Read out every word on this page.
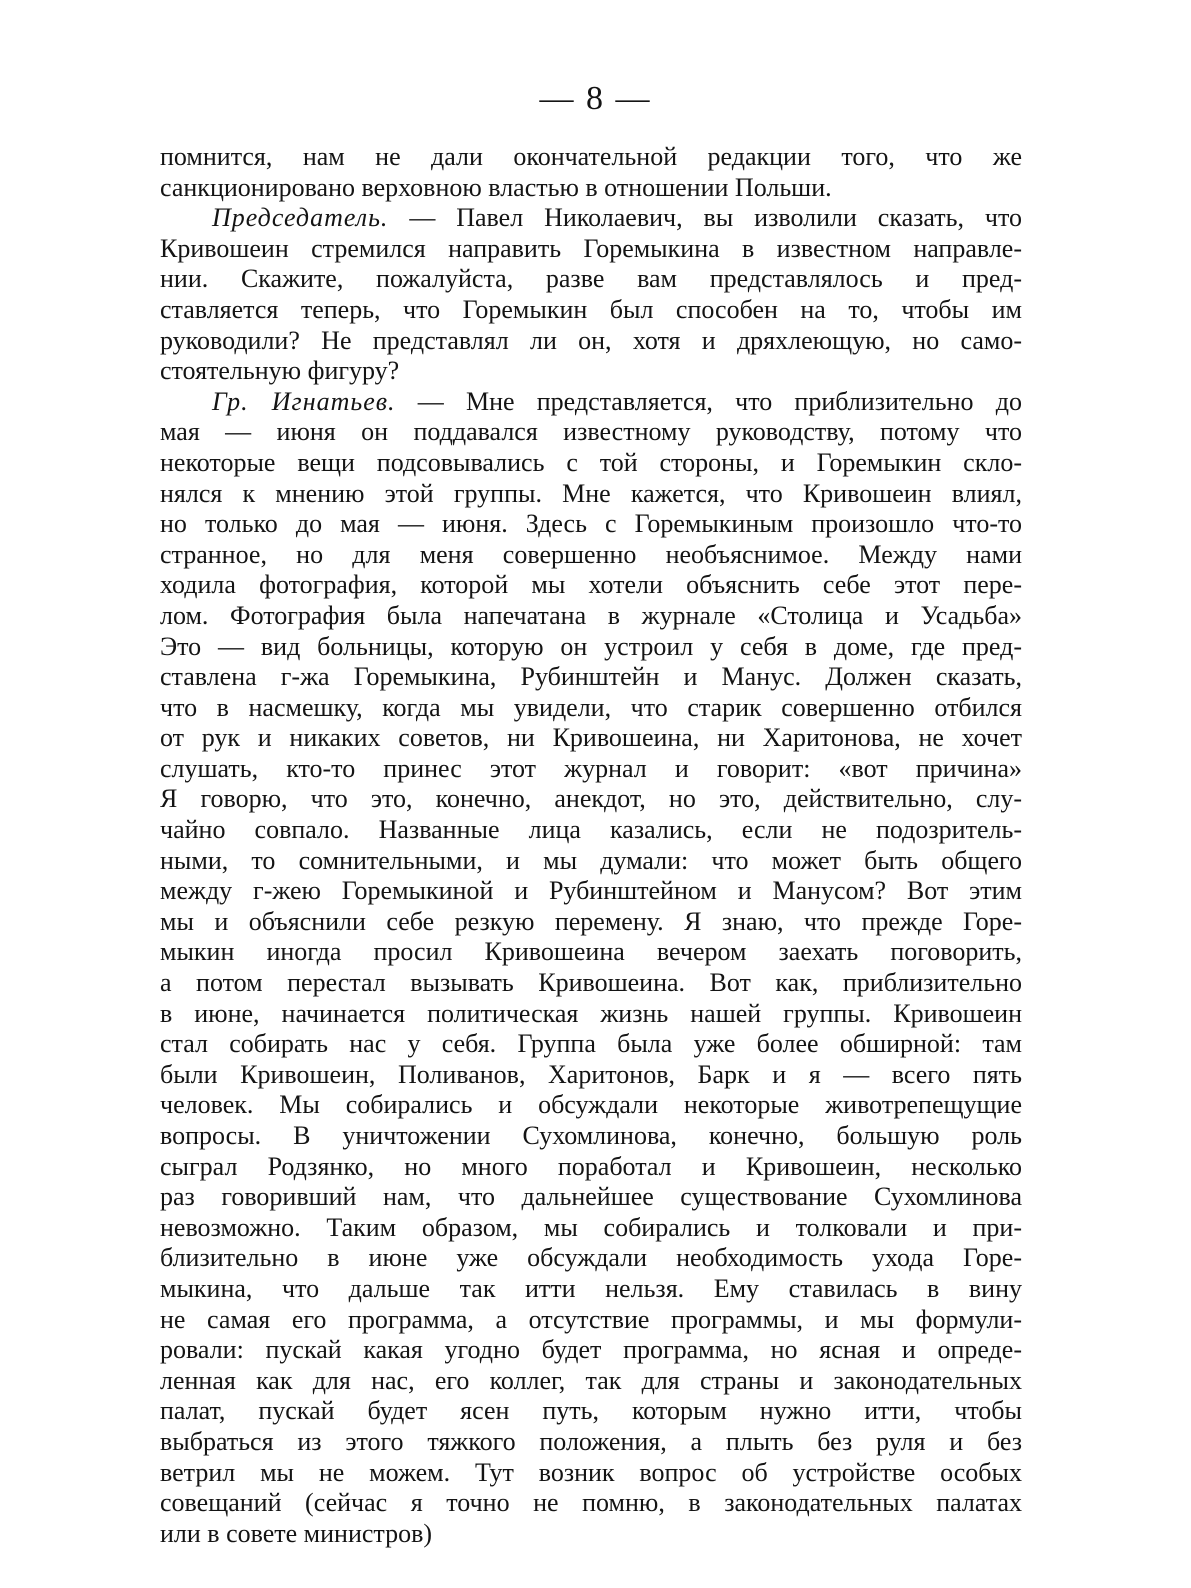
— 8 —
помнится, нам не дали окончательной редакции того, что же
санкционировано верховною властью в отношении Польши.
Председатель. — Павел Николаевич, вы изволили сказать, что
Кривошеин стремился направить Горемыкина в известном направле-
нии. Скажите, пожалуйста, разве вам представлялось и пред-
ставляется теперь, что Горемыкин был способен на то, чтобы им
руководили? Не представлял ли он, хотя и дряхлеющую, но само-
стоятельную фигуру?
Гр. Игнатьев. — Мне представляется, что приблизительно до
мая — июня он поддавался известному руководству, потому что
некоторые вещи подсовывались с той стороны, и Горемыкин скло-
нялся к мнению этой группы. Мне кажется, что Кривошеин влиял,
но только до мая — июня. Здесь с Горемыкиным произошло что-то
странное, но для меня совершенно необъяснимое. Между нами
ходила фотография, которой мы хотели объяснить себе этот пере-
лом. Фотография была напечатана в журнале «Столица и Усадьба»
Это — вид больницы, которую он устроил у себя в доме, где пред-
ставлена г-жа Горемыкина, Рубинштейн и Манус. Должен сказать,
что в насмешку, когда мы увидели, что старик совершенно отбился
от рук и никаких советов, ни Кривошеина, ни Харитонова, не хочет
слушать, кто-то принес этот журнал и говорит: «вот причина»
Я говорю, что это, конечно, анекдот, но это, действительно, слу-
чайно совпало. Названные лица казались, если не подозритель-
ными, то сомнительными, и мы думали: что может быть общего
между г-жею Горемыкиной и Рубинштейном и Манусом? Вот этим
мы и объяснили себе резкую перемену. Я знаю, что прежде Горе-
мыкин иногда просил Кривошеина вечером заехать поговорить,
а потом перестал вызывать Кривошеина. Вот как, приблизительно
в июне, начинается политическая жизнь нашей группы. Кривошеин
стал собирать нас у себя. Группа была уже более обширной: там
были Кривошеин, Поливанов, Харитонов, Барк и я — всего пять
человек. Мы собирались и обсуждали некоторые животрепещущие
вопросы. В уничтожении Сухомлинова, конечно, большую роль
сыграл Родзянко, но много поработал и Кривошеин, несколько
раз говоривший нам, что дальнейшее существование Сухомлинова
невозможно. Таким образом, мы собирались и толковали и при-
близительно в июне уже обсуждали необходимость ухода Горе-
мыкина, что дальше так итти нельзя. Ему ставилась в вину
не самая его программа, а отсутствие программы, и мы формули-
ровали: пускай какая угодно будет программа, но ясная и опреде-
ленная как для нас, его коллег, так для страны и законодательных
палат, пускай будет ясен путь, которым нужно итти, чтобы
выбраться из этого тяжкого положения, а плыть без руля и без
ветрил мы не можем. Тут возник вопрос об устройстве особых
совещаний (сейчас я точно не помню, в законодательных палатах
или в совете министров)
